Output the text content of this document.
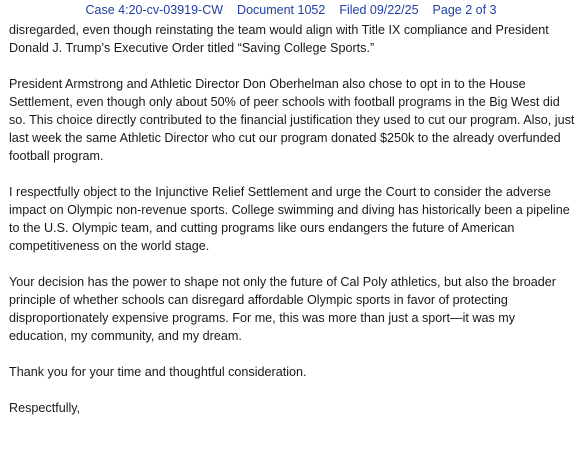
Case 4:20-cv-03919-CW Document 1052 Filed 09/22/25 Page 2 of 3

disregarded, even though reinstating the team would align with Title IX compliance and President Donald J. Trump’s Executive Order titled “Saving College Sports.”

President Armstrong and Athletic Director Don Oberhelman also chose to opt in to the House Settlement, even though only about 50% of peer schools with football programs in the Big West did so. This choice directly contributed to the financial justification they used to cut our program. Also, just last week the same Athletic Director who cut our program donated $250k to the already overfunded football program.

I respectfully object to the Injunctive Relief Settlement and urge the Court to consider the adverse impact on Olympic non-revenue sports. College swimming and diving has historically been a pipeline to the U.S. Olympic team, and cutting programs like ours endangers the future of American competitiveness on the world stage.

Your decision has the power to shape not only the future of Cal Poly athletics, but also the broader principle of whether schools can disregard affordable Olympic sports in favor of protecting disproportionately expensive programs. For me, this was more than just a sport—it was my education, my community, and my dream.

Thank you for your time and thoughtful consideration.

Respectfully,
